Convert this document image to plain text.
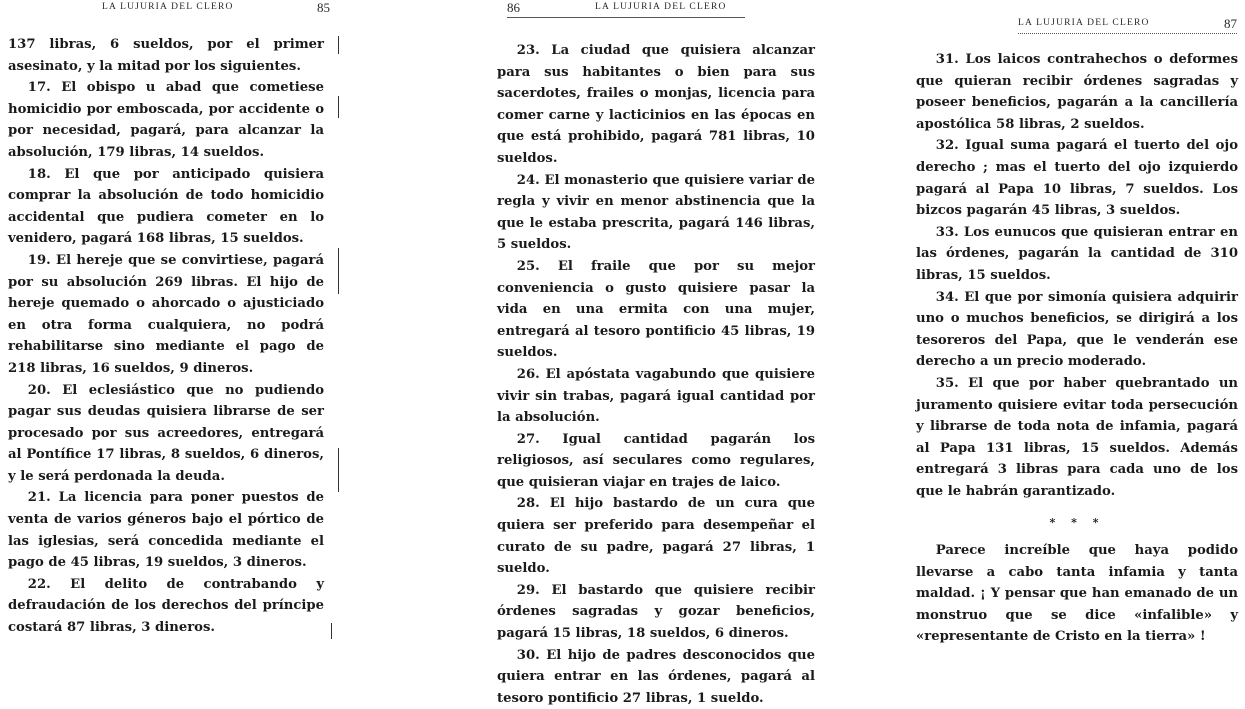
LA LUJURIA DEL CLERO	85

137 libras, 6 sueldos, por el primer asesinato, y la mitad por los siguientes.

17. El obispo u abad que cometiese homicidio por emboscada, por accidente o por necesidad, pagará, para alcanzar la absolución, 179 libras, 14 sueldos.

18. El que por anticipado quisiera comprar la absolución de todo homicidio accidental que pudiera cometer en lo venidero, pagará 168 libras, 15 sueldos.

19. El hereje que se convirtiese, pagará por su absolución 269 libras. El hijo de hereje quemado o ahorcado o ajusticiado en otra forma cualquiera, no podrá rehabilitarse sino mediante el pago de 218 libras, 16 sueldos, 9 dineros.

20. El eclesiástico que no pudiendo pagar sus deudas quisiera librarse de ser procesado por sus acreedores, entregará al Pontífice 17 libras, 8 sueldos, 6 dineros, y le será perdonada la deuda.

21. La licencia para poner puestos de venta de varios géneros bajo el pórtico de las iglesias, será concedida mediante el pago de 45 libras, 19 sueldos, 3 dineros.

22. El delito de contrabando y defraudación de los derechos del príncipe costará 87 libras, 3 dineros.

86	LA LUJURIA DEL CLERO

23. La ciudad que quisiera alcanzar para sus habitantes o bien para sus sacerdotes, frailes o monjas, licencia para comer carne y lacticinios en las épocas en que está prohibido, pagará 781 libras, 10 sueldos.

24. El monasterio que quisiere variar de regla y vivir en menor abstinencia que la que le estaba prescrita, pagará 146 libras, 5 sueldos.

25. El fraile que por su mejor conveniencia o gusto quisiere pasar la vida en una ermita con una mujer, entregará al tesoro pontificio 45 libras, 19 sueldos.

26. El apóstata vagabundo que quisiere vivir sin trabas, pagará igual cantidad por la absolución.

27. Igual cantidad pagarán los religiosos, así seculares como regulares, que quisieran viajar en trajes de laico.

28. El hijo bastardo de un cura que quiera ser preferido para desempeñar el curato de su padre, pagará 27 libras, 1 sueldo.

29. El bastardo que quisiere recibir órdenes sagradas y gozar beneficios, pagará 15 libras, 18 sueldos, 6 dineros.

30. El hijo de padres desconocidos que quiera entrar en las órdenes, pagará al tesoro pontificio 27 libras, 1 sueldo.

LA LUJURIA DEL CLERO	87

31. Los laicos contrahechos o deformes que quieran recibir órdenes sagradas y poseer beneficios, pagarán a la cancillería apostólica 58 libras, 2 sueldos.

32. Igual suma pagará el tuerto del ojo derecho ; mas el tuerto del ojo izquierdo pagará al Papa 10 libras, 7 sueldos. Los bizcos pagarán 45 libras, 3 sueldos.

33. Los eunucos que quisieran entrar en las órdenes, pagarán la cantidad de 310 libras, 15 sueldos.

34. El que por simonía quisiera adquirir uno o muchos beneficios, se dirigirá a los tesoreros del Papa, que le venderán ese derecho a un precio moderado.

35. El que por haber quebrantado un juramento quisiere evitar toda persecución y librarse de toda nota de infamia, pagará al Papa 131 libras, 15 sueldos. Además entregará 3 libras para cada uno de los que le habrán garantizado.

* * *

Parece increíble que haya podido llevarse a cabo tanta infamia y tanta maldad. ¡ Y pensar que han emanado de un monstruo que se dice «infalible» y «representante de Cristo en la tierra» !
